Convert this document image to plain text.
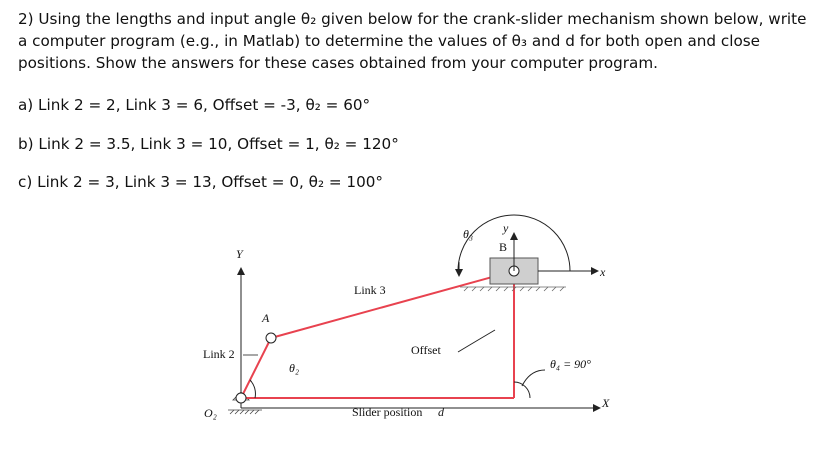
2) Using the lengths and input angle θ₂ given below for the crank-slider mechanism shown below, write a computer program (e.g., in Matlab) to determine the values of θ₃ and d for both open and close positions. Show the answers for these cases obtained from your computer program.
a) Link 2 = 2, Link 3 = 6, Offset = -3, θ₂ = 60°
b) Link 2 = 3.5, Link 3 = 10, Offset = 1, θ₂ = 120°
c) Link 2 = 3, Link 3 = 13, Offset = 0, θ₂ = 100°
Link 2
Link 3
Offset
Slider position d
O₂
A
B
θ₂
θ₃
θ₄ = 90°
Y
X
y
x
